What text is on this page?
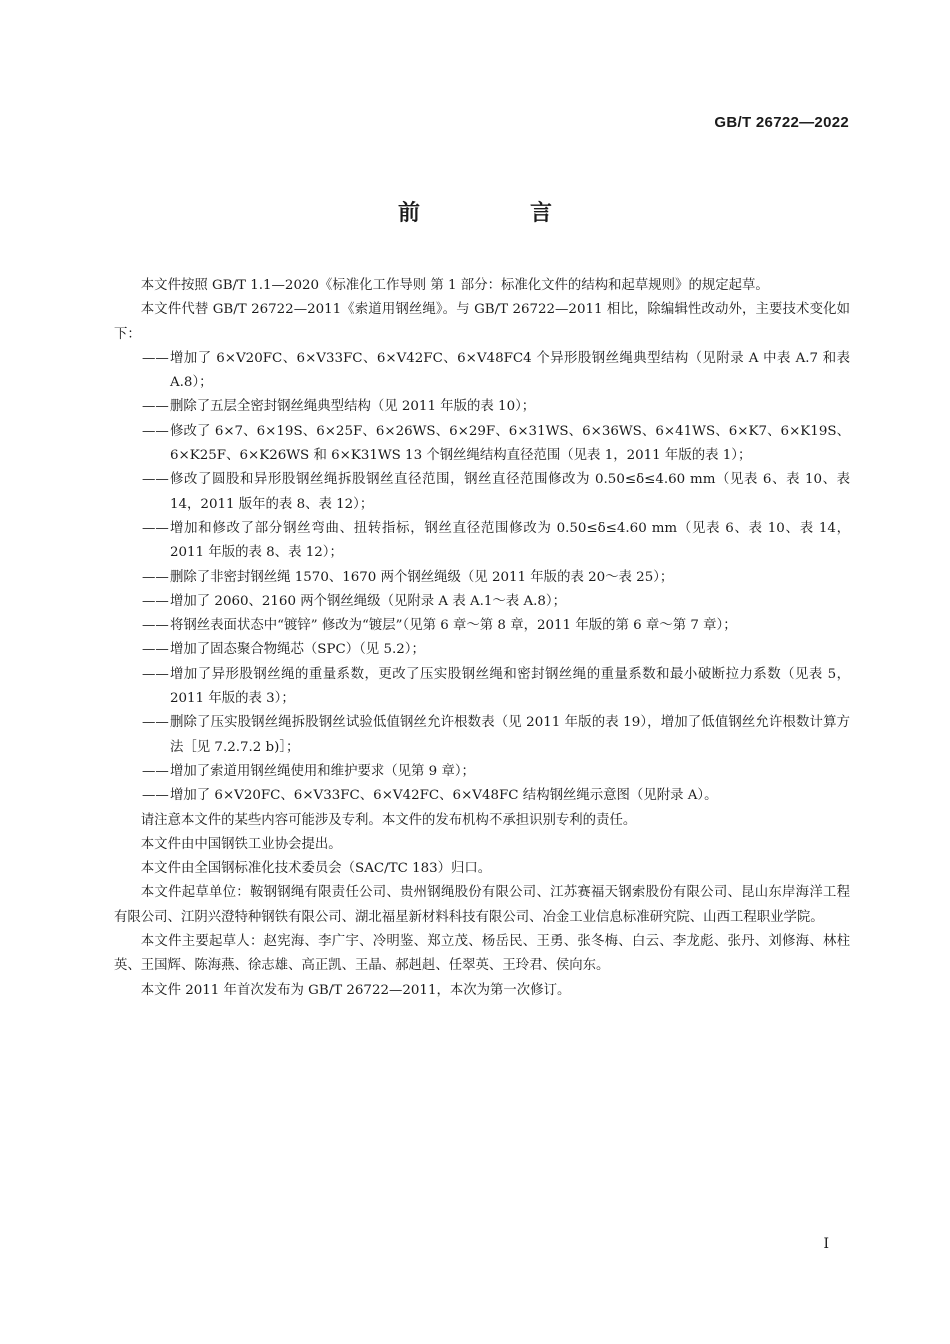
GB/T 26722—2022
前　言

本文件按照 GB/T 1.1—2020《标准化工作导则 第 1 部分：标准化文件的结构和起草规则》的规定起草。

本文件代替 GB/T 26722—2011《索道用钢丝绳》。与 GB/T 26722—2011 相比，除编辑性改动外，主要技术变化如下：

—— 增加了 6×V20FC、6×V33FC、6×V42FC、6×V48FC4 个异形股钢丝绳典型结构（见附录 A 中表 A.7 和表 A.8）；
—— 删除了五层全密封钢丝绳典型结构（见 2011 年版的表 10）；
—— 修改了 6×7、6×19S、6×25F、6×26WS、6×29F、6×31WS、6×36WS、6×41WS、6×K7、6×K19S、6×K25F、6×K26WS 和 6×K31WS 13 个钢丝绳结构直径范围（见表 1，2011 年版的表 1）；
—— 修改了圆股和异形股钢丝绳拆股钢丝直径范围，钢丝直径范围修改为 0.50≤δ≤4.60 mm（见表 6、表 10、表 14，2011 版年的表 8、表 12）；
—— 增加和修改了部分钢丝弯曲、扭转指标，钢丝直径范围修改为 0.50≤δ≤4.60 mm（见表 6、表 10、表 14，2011 年版的表 8、表 12）；
—— 删除了非密封钢丝绳 1570、1670 两个钢丝绳级（见 2011 年版的表 20～表 25）；
—— 增加了 2060、2160 两个钢丝绳级（见附录 A 表 A.1～表 A.8）；
—— 将钢丝表面状态中“镀锌” 修改为“镀层”（见第 6 章～第 8 章，2011 年版的第 6 章～第 7 章）；
—— 增加了固态聚合物绳芯（SPC）（见 5.2）；
—— 增加了异形股钢丝绳的重量系数，更改了压实股钢丝绳和密封钢丝绳的重量系数和最小破断拉力系数（见表 5，2011 年版的表 3）；
—— 删除了压实股钢丝绳拆股钢丝试验低值钢丝允许根数表（见 2011 年版的表 19），增加了低值钢丝允许根数计算方法［见 7.2.7.2 b)］；
—— 增加了索道用钢丝绳使用和维护要求（见第 9 章）；
—— 增加了 6×V20FC、6×V33FC、6×V42FC、6×V48FC 结构钢丝绳示意图（见附录 A）。

请注意本文件的某些内容可能涉及专利。本文件的发布机构不承担识别专利的责任。

本文件由中国钢铁工业协会提出。

本文件由全国钢标准化技术委员会（SAC/TC 183）归口。

本文件起草单位：鞍钢钢绳有限责任公司、贵州钢绳股份有限公司、江苏赛福天钢索股份有限公司、昆山东岸海洋工程有限公司、江阴兴澄特种钢铁有限公司、湖北福星新材料科技有限公司、冶金工业信息标准研究院、山西工程职业学院。

本文件主要起草人：赵宪海、李广宇、冷明鉴、郑立茂、杨岳民、王勇、张冬梅、白云、李龙彪、张丹、刘修海、林柱英、王国辉、陈海燕、徐志雄、高正凯、王晶、郝赳赳、任翠英、王玲君、侯向东。

本文件 2011 年首次发布为 GB/T 26722—2011，本次为第一次修订。

I
